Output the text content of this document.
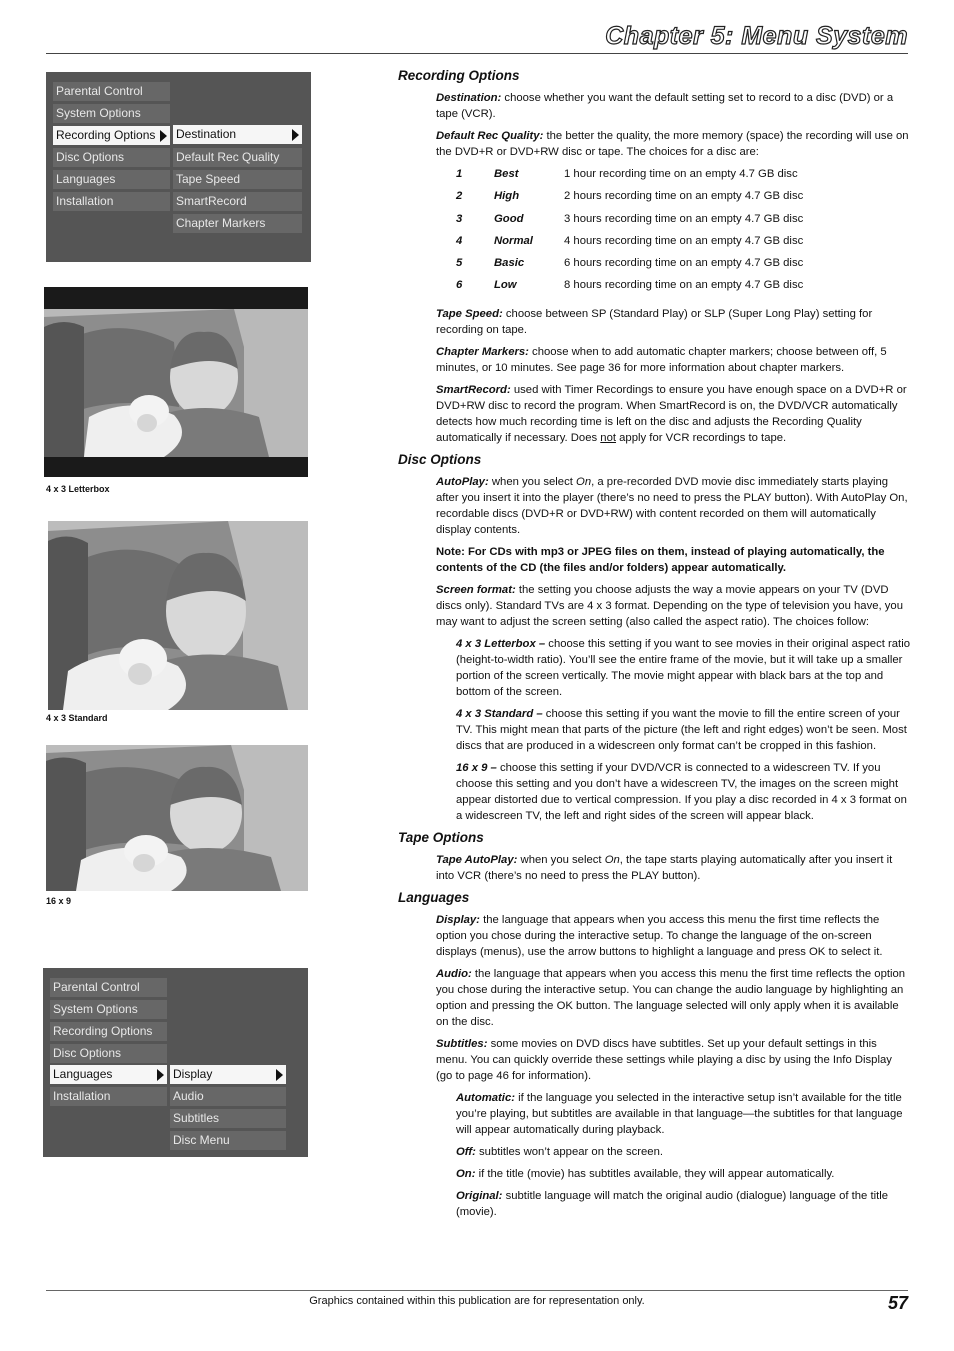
Chapter 5: Menu System
Parental Control
System Options
Recording Options
Disc Options
Languages
Installation
Destination
Default Rec Quality
Tape Speed
SmartRecord
Chapter Markers
4 x 3 Letterbox
4 x 3 Standard
16 x 9
Parental Control
System Options
Recording Options
Disc Options
Languages
Installation
Display
Audio
Subtitles
Disc Menu
Recording Options

Destination: choose whether you want the default setting set to record to a disc (DVD) or a tape (VCR).

Default Rec Quality: the better the quality, the more memory (space) the recording will use on the DVD+R or DVD+RW disc or tape. The choices for a disc are:

1	Best	1 hour recording time on an empty 4.7 GB disc
2	High	2 hours recording time on an empty 4.7 GB disc
3	Good	3 hours recording time on an empty 4.7 GB disc
4	Normal	4 hours recording time on an empty 4.7 GB disc
5	Basic	6 hours recording time on an empty 4.7 GB disc
6	Low	8 hours recording time on an empty 4.7 GB disc

Tape Speed: choose between SP (Standard Play) or SLP (Super Long Play) setting for recording on tape.

Chapter Markers: choose when to add automatic chapter markers; choose between off, 5 minutes, or 10 minutes. See page 36 for more information about chapter markers.

SmartRecord: used with Timer Recordings to ensure you have enough space on a DVD+R or DVD+RW disc to record the program. When SmartRecord is on, the DVD/VCR automatically detects how much recording time is left on the disc and adjusts the Recording Quality automatically if necessary. Does not apply for VCR recordings to tape.

Disc Options

AutoPlay: when you select On, a pre-recorded DVD movie disc immediately starts playing after you insert it into the player (there’s no need to press the PLAY button). With AutoPlay On, recordable discs (DVD+R or DVD+RW) with content recorded on them will automatically display contents.

Note: For CDs with mp3 or JPEG files on them, instead of playing automatically, the contents of the CD (the files and/or folders) appear automatically.

Screen format: the setting you choose adjusts the way a movie appears on your TV (DVD discs only). Standard TVs are 4 x 3 format. Depending on the type of television you have, you may want to adjust the screen setting (also called the aspect ratio). The choices follow:

4 x 3 Letterbox – choose this setting if you want to see movies in their original aspect ratio (height-to-width ratio). You’ll see the entire frame of the movie, but it will take up a smaller portion of the screen vertically. The movie might appear with black bars at the top and bottom of the screen.

4 x 3 Standard – choose this setting if you want the movie to fill the entire screen of your TV. This might mean that parts of the picture (the left and right edges) won’t be seen. Most discs that are produced in a widescreen only format can’t be cropped in this fashion.

16 x 9 – choose this setting if your DVD/VCR is connected to a widescreen TV. If you choose this setting and you don’t have a widescreen TV, the images on the screen might appear distorted due to vertical compression. If you play a disc recorded in 4 x 3 format on a widescreen TV, the left and right sides of the screen will appear black.

Tape Options

Tape AutoPlay: when you select On, the tape starts playing automatically after you insert it into VCR (there’s no need to press the PLAY button).

Languages

Display: the language that appears when you access this menu the first time reflects the option you chose during the interactive setup. To change the language of the on-screen displays (menus), use the arrow buttons to highlight a language and press OK to select it.

Audio: the language that appears when you access this menu the first time reflects the option you chose during the interactive setup. You can change the audio language by highlighting an option and pressing the OK button. The language selected will only apply when it is available on the disc.

Subtitles: some movies on DVD discs have subtitles. Set up your default settings in this menu. You can quickly override these settings while playing a disc by using the Info Display (go to page 46 for information).

Automatic: if the language you selected in the interactive setup isn’t available for the title you’re playing, but subtitles are available in that language—the subtitles for that language will appear automatically during playback.

Off: subtitles won’t appear on the screen.

On: if the title (movie) has subtitles available, they will appear automatically.

Original: subtitle language will match the original audio (dialogue) language of the title (movie).

Graphics contained within this publication are for representation only.	57
